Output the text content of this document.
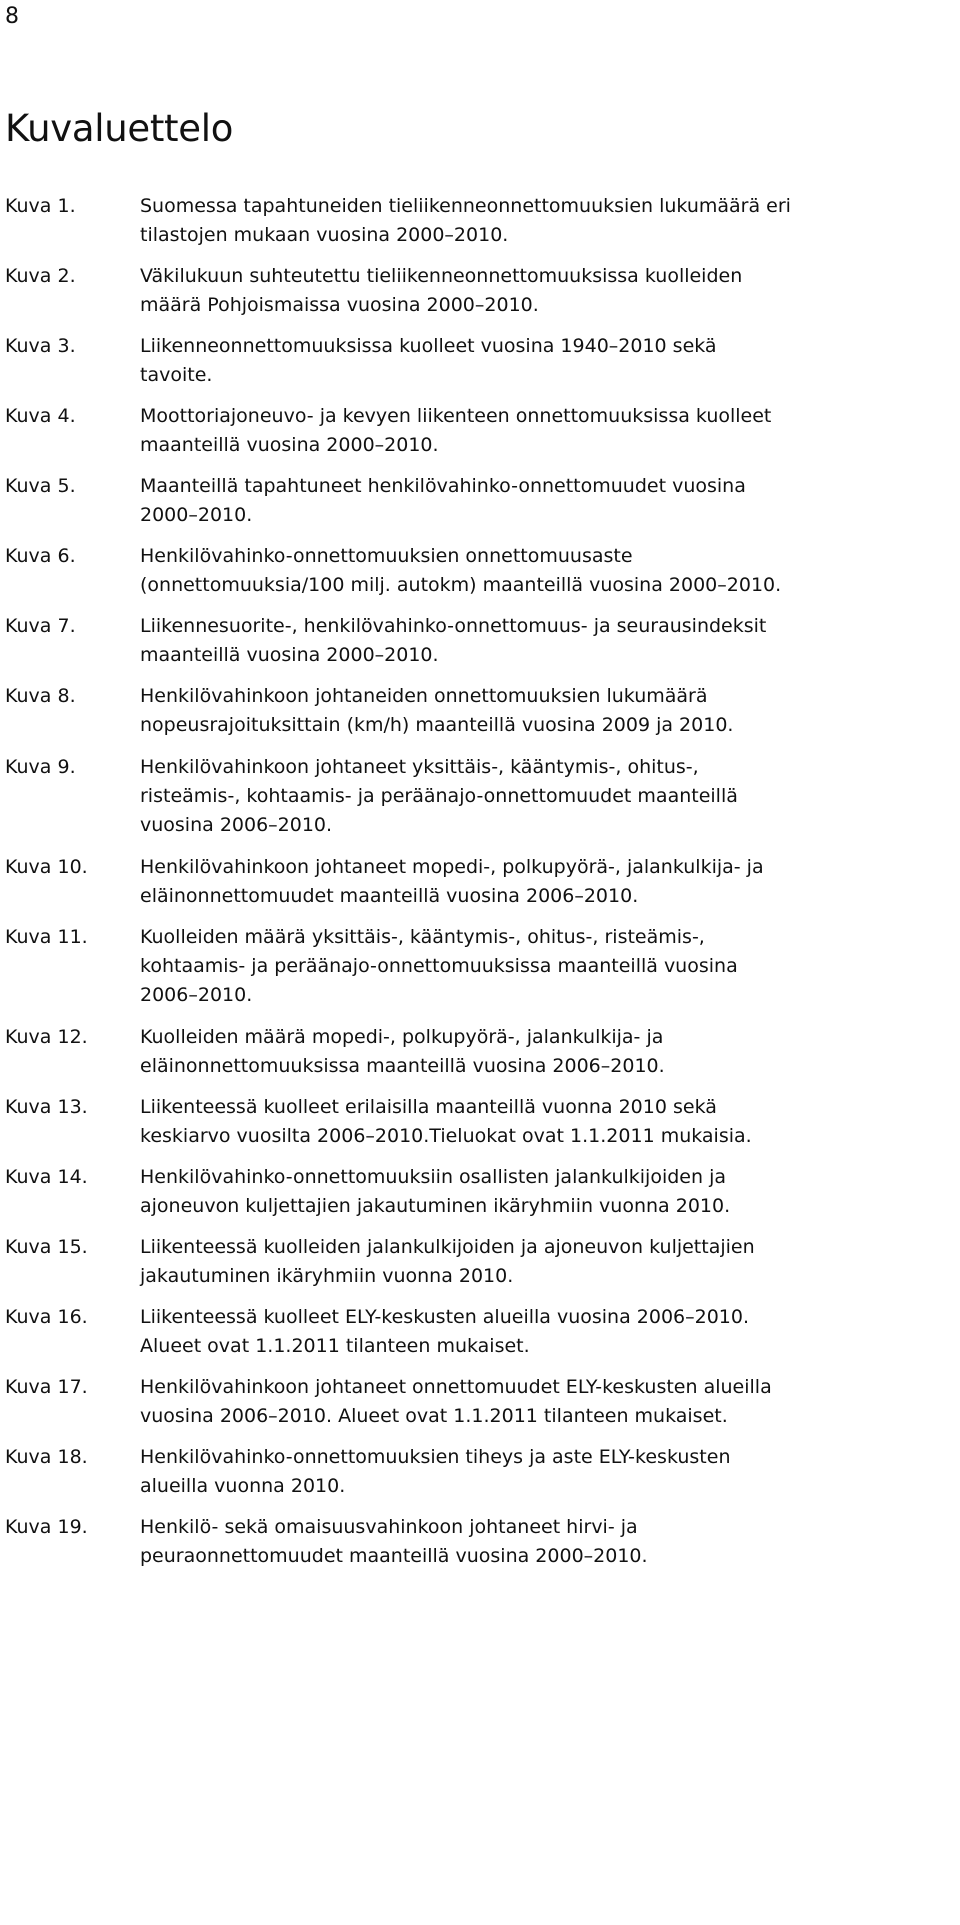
8
Kuvaluettelo
Kuva 1.	Suomessa tapahtuneiden tieliikenneonnettomuuksien lukumäärä eri
tilastojen mukaan vuosina 2000–2010.
Kuva 2.	Väkilukuun suhteutettu tieliikenneonnettomuuksissa kuolleiden
määrä Pohjoismaissa vuosina 2000–2010.
Kuva 3.	Liikenneonnettomuuksissa kuolleet vuosina 1940–2010 sekä
tavoite.
Kuva 4.	Moottoriajoneuvo- ja kevyen liikenteen onnettomuuksissa kuolleet
maanteillä vuosina 2000–2010.
Kuva 5.	Maanteillä tapahtuneet henkilövahinko-onnettomuudet vuosina
2000–2010.
Kuva 6.	Henkilövahinko-onnettomuuksien onnettomuusaste
(onnettomuuksia/100 milj. autokm) maanteillä vuosina 2000–2010.
Kuva 7.	Liikennesuorite-, henkilövahinko-onnettomuus- ja seurausindeksit
maanteillä vuosina 2000–2010.
Kuva 8.	Henkilövahinkoon johtaneiden onnettomuuksien lukumäärä
nopeusrajoituksittain (km/h) maanteillä vuosina 2009 ja 2010.
Kuva 9.	Henkilövahinkoon johtaneet yksittäis-, kääntymis-, ohitus-,
risteämis-, kohtaamis- ja peräänajo-onnettomuudet maanteillä
vuosina 2006–2010.
Kuva 10.	Henkilövahinkoon johtaneet mopedi-, polkupyörä-, jalankulkija- ja
eläinonnettomuudet maanteillä vuosina 2006–2010.
Kuva 11.	Kuolleiden määrä yksittäis-, kääntymis-, ohitus-, risteämis-,
kohtaamis- ja peräänajo-onnettomuuksissa maanteillä vuosina
2006–2010.
Kuva 12.	Kuolleiden määrä mopedi-, polkupyörä-, jalankulkija- ja
eläinonnettomuuksissa maanteillä vuosina 2006–2010.
Kuva 13.	Liikenteessä kuolleet erilaisilla maanteillä vuonna 2010 sekä
keskiarvo vuosilta 2006–2010.Tieluokat ovat 1.1.2011 mukaisia.
Kuva 14.	Henkilövahinko-onnettomuuksiin osallisten jalankulkijoiden ja
ajoneuvon kuljettajien jakautuminen ikäryhmiin vuonna 2010.
Kuva 15.	Liikenteessä kuolleiden jalankulkijoiden ja ajoneuvon kuljettajien
jakautuminen ikäryhmiin vuonna 2010.
Kuva 16.	Liikenteessä kuolleet ELY-keskusten alueilla vuosina 2006–2010.
Alueet ovat 1.1.2011 tilanteen mukaiset.
Kuva 17.	Henkilövahinkoon johtaneet onnettomuudet ELY-keskusten alueilla
vuosina 2006–2010. Alueet ovat 1.1.2011 tilanteen mukaiset.
Kuva 18.	Henkilövahinko-onnettomuuksien tiheys ja aste ELY-keskusten
alueilla vuonna 2010.
Kuva 19.	Henkilö- sekä omaisuusvahinkoon johtaneet hirvi- ja
peuraonnettomuudet maanteillä vuosina 2000–2010.
